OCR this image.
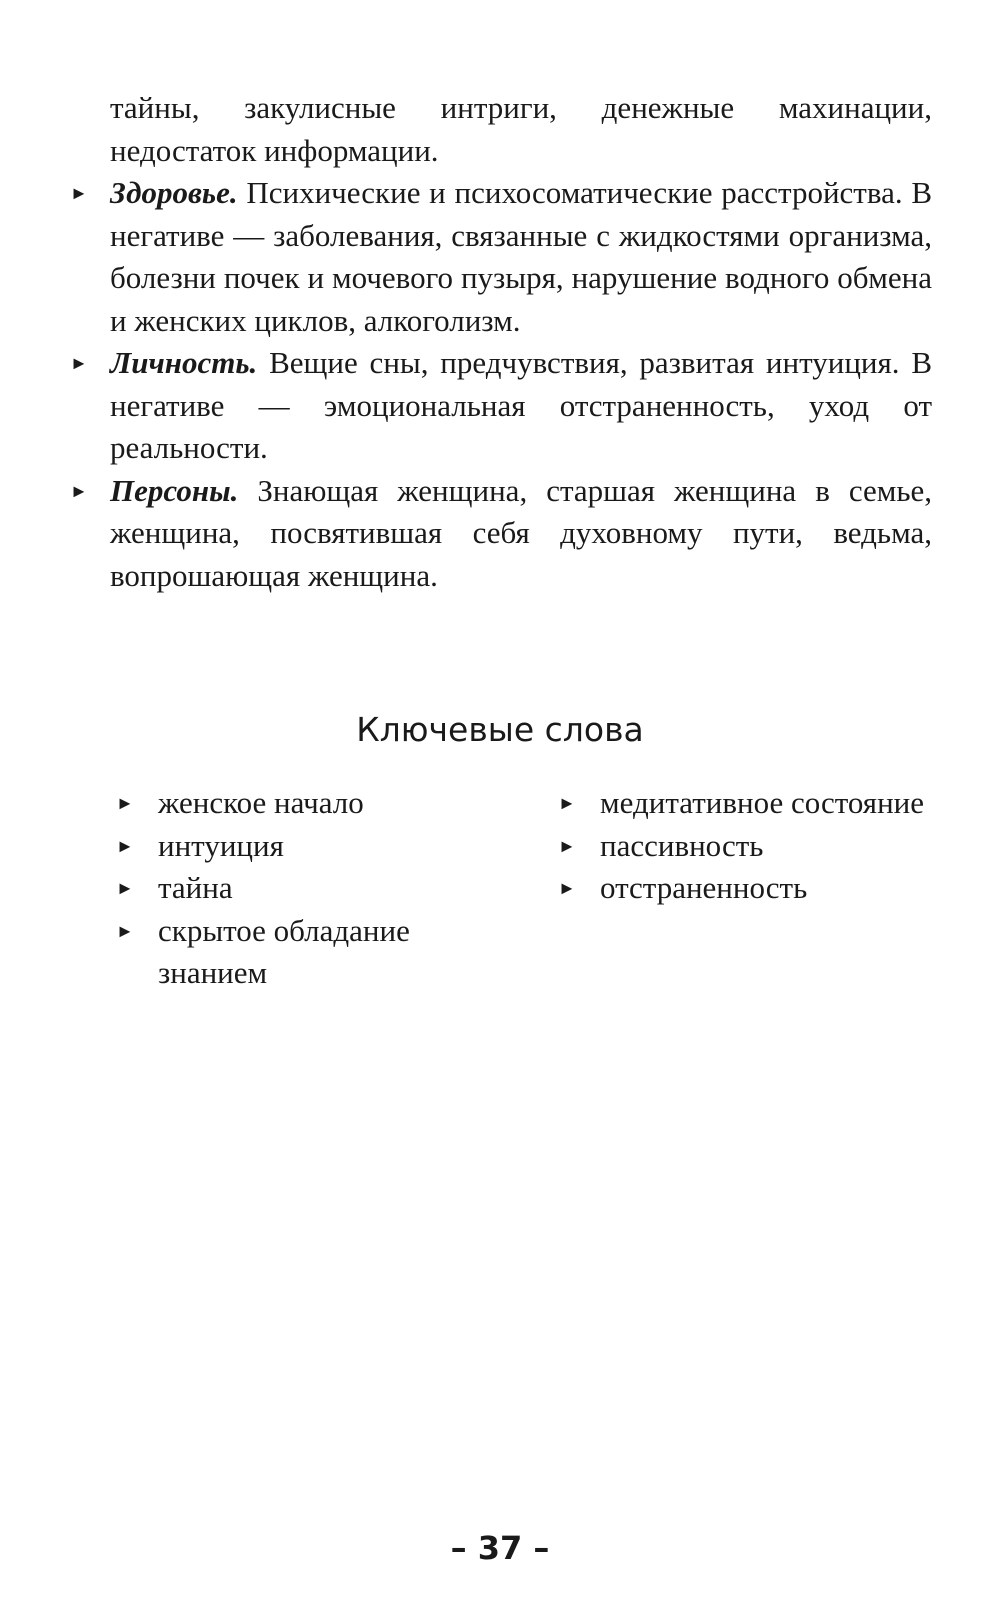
тайны, закулисные интриги, денежные махинации, недостаток информации.

► Здоровье. Психические и психосоматические расстройства. В негативе — заболевания, связанные с жидкостями организма, болезни почек и мочевого пузыря, нарушение водного обмена и женских циклов, алкоголизм.
► Личность. Вещие сны, предчувствия, развитая интуиция. В негативе — эмоциональная отстраненность, уход от реальности.
► Персоны. Знающая женщина, старшая женщина в семье, женщина, посвятившая себя духовному пути, ведьма, вопрошающая женщина.
Ключевые слова
► женское начало
► интуиция
► тайна
► скрытое обладание знанием
► медитативное состояние
► пассивность
► отстраненность

– 37 –
